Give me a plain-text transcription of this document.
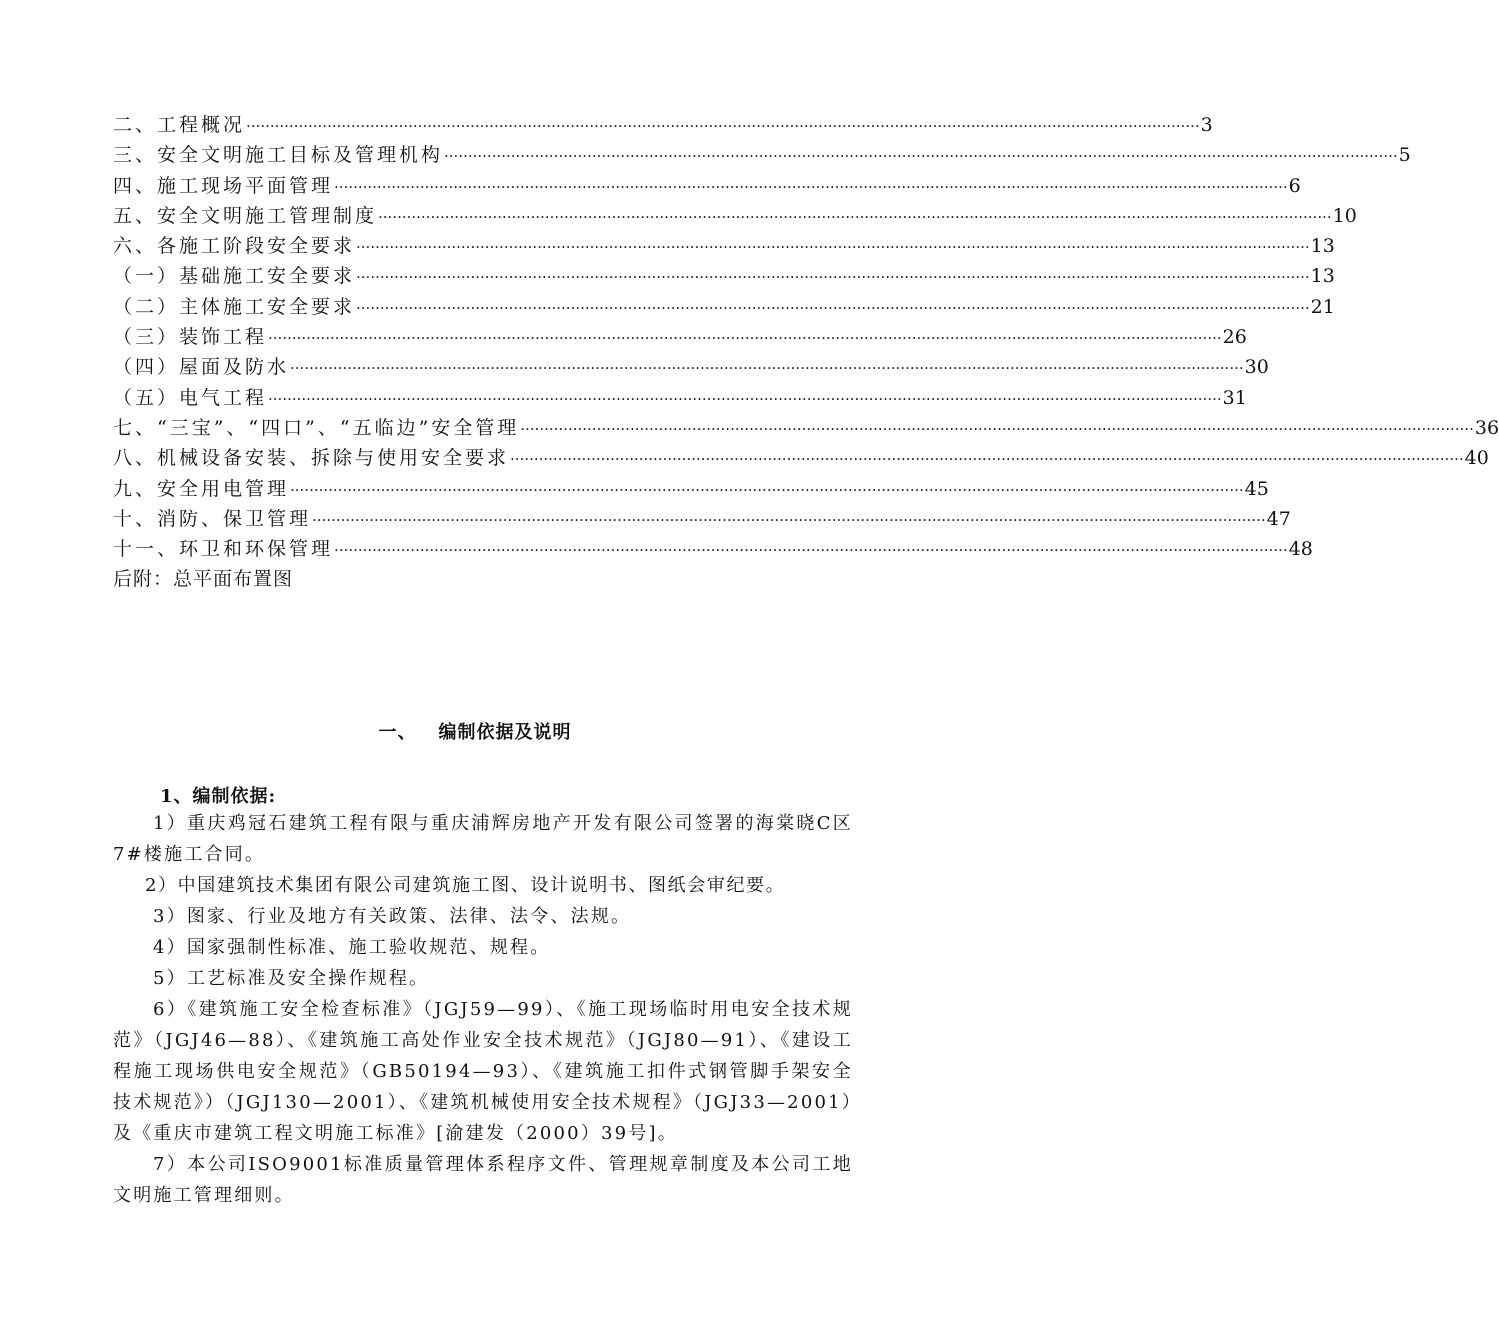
二、工程概况 ········································································································································································································ 3
三、安全文明施工目标及管理机构 ········································································································································································································ 5
四、施工现场平面管理 ········································································································································································································ 6
五、安全文明施工管理制度 ········································································································································································································ 10
六、各施工阶段安全要求 ········································································································································································································ 13
（一）基础施工安全要求 ········································································································································································································ 13
（二）主体施工安全要求 ········································································································································································································ 21
（三）装饰工程 ········································································································································································································ 26
（四）屋面及防水 ········································································································································································································ 30
（五）电气工程 ········································································································································································································ 31
七、“三宝”、“四口”、“五临边”安全管理 ········································································································································································································ 36
八、机械设备安装、拆除与使用安全要求 ········································································································································································································ 40
九、安全用电管理 ········································································································································································································ 45
十、消防、保卫管理 ········································································································································································································ 47
十一、环卫和环保管理 ········································································································································································································ 48
后附：总平面布置图
一、 编制依据及说明
1、编制依据:

1）重庆鸡冠石建筑工程有限与重庆浦辉房地产开发有限公司签署的海棠晓C区7#楼施工合同。

2）中国建筑技术集团有限公司建筑施工图、设计说明书、图纸会审纪要。

3）图家、行业及地方有关政策、法律、法令、法规。

4）国家强制性标准、施工验收规范、规程。

5）工艺标准及安全操作规程。

6）《建筑施工安全检查标准》（JGJ59—99）、《施工现场临时用电安全技术规范》（JGJ46—88）、《建筑施工高处作业安全技术规范》（JGJ80—91）、《建设工程施工现场供电安全规范》（GB50194—93）、《建筑施工扣件式钢管脚手架安全技术规范》）（JGJ130—2001）、《建筑机械使用安全技术规程》（JGJ33—2001）及《重庆市建筑工程文明施工标准》[渝建发（2000）39号]。

7）本公司ISO9001标准质量管理体系程序文件、管理规章制度及本公司工地文明施工管理细则。
